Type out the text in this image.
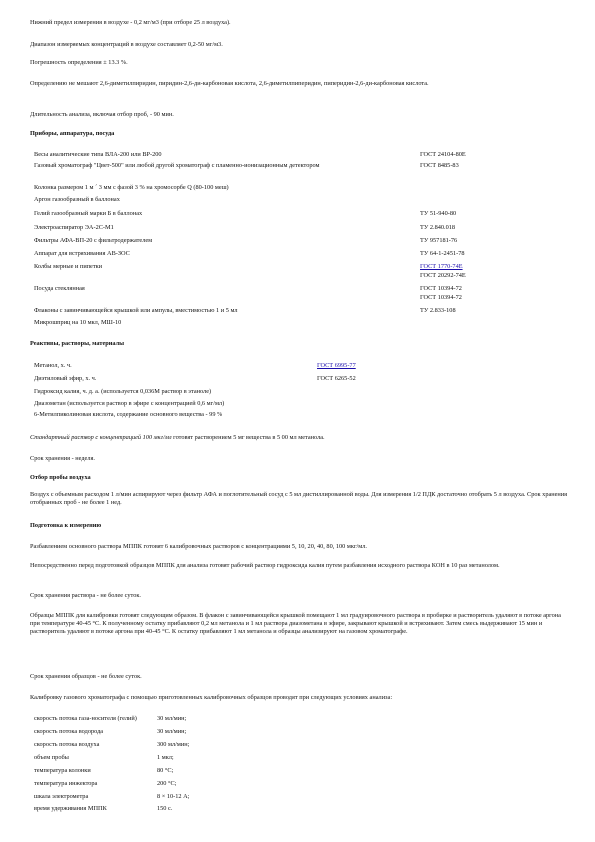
Нижний предел измерения в воздухе - 0,2 мг/м3 (при отборе 25 л воздуха).

Диапазон измеряемых концентраций в воздухе составляет 0,2-50 мг/м3.

Погрешность определения ± 13.3 %.

Определению не мешают 2,6-диметилпиридин, пиридин-2,6-ди-карбоновая кислота, 2,6-диметилпиперидин, пиперидин-2,6-ди-карбоновая кислота.

Длительность анализа, включая отбор проб, - 90 мин.

Приборы, аппаратура, посуда

Весы аналитические типа ВЛА-200 или ВР-200	ГОСТ 24104-80Е
Газовый хроматограф "Цвет-500" или любой другой хроматограф с пламенно-ионизационным детектором	ГОСТ 8485-83
Колонка размером 1 м ´ 3 мм с фазой 3 % на хромосорбе Q (80-100 меш)
Аргон газообразный в баллонах
Гелий газообразный марки Б в баллонах	ТУ 51-940-80
Электроаспиратор ЭА-2С-М1	ТУ 2.840.018
Фильтры АФА-ВП-20 с фильтродержателем	ТУ 957181-76
Аппарат для встряхивания АВ-ЗОС	ТУ 64-1-2451-78
Колбы мерные и пипетки	ГОСТ 1770-74Е
ГОСТ 20292-74Е
Посуда стеклянная	ГОСТ 10394-72
ГОСТ 10394-72
Флаконы с завинчивающейся крышкой или ампулы, вместимостью 1 и 5 мл	ТУ 2.833-108
Микрошприц на 10 мкл, МШ-10

Реактивы, растворы, материалы

Метанол, х. ч.	ГОСТ 6995-77
Диэтиловый эфир, х. ч.	ГОСТ 6265-52
Гидроксид калия, ч. д. а. (используется 0,036М раствор в этаноле)
Диазометан (используется раствор в эфире с концентрацией 0,6 мг/мл)
6-Метилпиколиновая кислота, содержание основного вещества - 99 %

Стандартный раствор с концентрацией 100 мкг/мл готовят растворением 5 мг вещества в 5 00 мл метанола.

Срок хранения - неделя.

Отбор пробы воздуха

Воздух с объемным расходом 1 л/мин аспирируют через фильтр АФА и поглотительный сосуд с 5 мл дистиллированной воды. Для измерения 1/2 ПДК достаточно отобрать 5 л воздуха. Срок хранения отобранных проб - не более 1 нед.

Подготовка к измерению

Разбавлением основного раствора МППК готовят 6 калибровочных растворов с концентрациями 5, 10, 20, 40, 80, 100 мкг/мл.

Непосредственно перед подготовкой образцов МППК для анализа готовят рабочий раствор гидроксида калия путем разбавления исходного раствора КОН в 10 раз метанолом.

Срок хранения раствора - не более суток.

Образцы МППК для калибровки готовят следующим образом. В флакон с завинчивающейся крышкой помещают 1 мл градуировочного раствора в пробирке и растворитель удаляют в потоке аргона при температуре 40-45 °С. К полученному остатку прибавляют 0,2 мл метанола и 1 мл раствора диазометана в эфире, закрывают крышкой и встряхивают. Затем смесь выдерживают 15 мин и растворитель удаляют в потоке аргона при 40-45 °С. К остатку прибавляют 1 мл метанола и образцы анализируют на газовом хроматографе.

Срок хранения образцов - не более суток.

Калибровку газового хроматографа с помощью приготовленных калибровочных образцов проводят при следующих условиях анализа:

скорость потока газа-носителя (гелий)	30 мл/мин;
скорость потока водорода	30 мл/мин;
скорость потока воздуха	300 мл/мин;
объем пробы	1 мкл;
температура колонки	80 °С;
температура инжектора	200 °С;
шкала электрометра	8 × 10-12 А;
время удерживания МППК	150 с.
